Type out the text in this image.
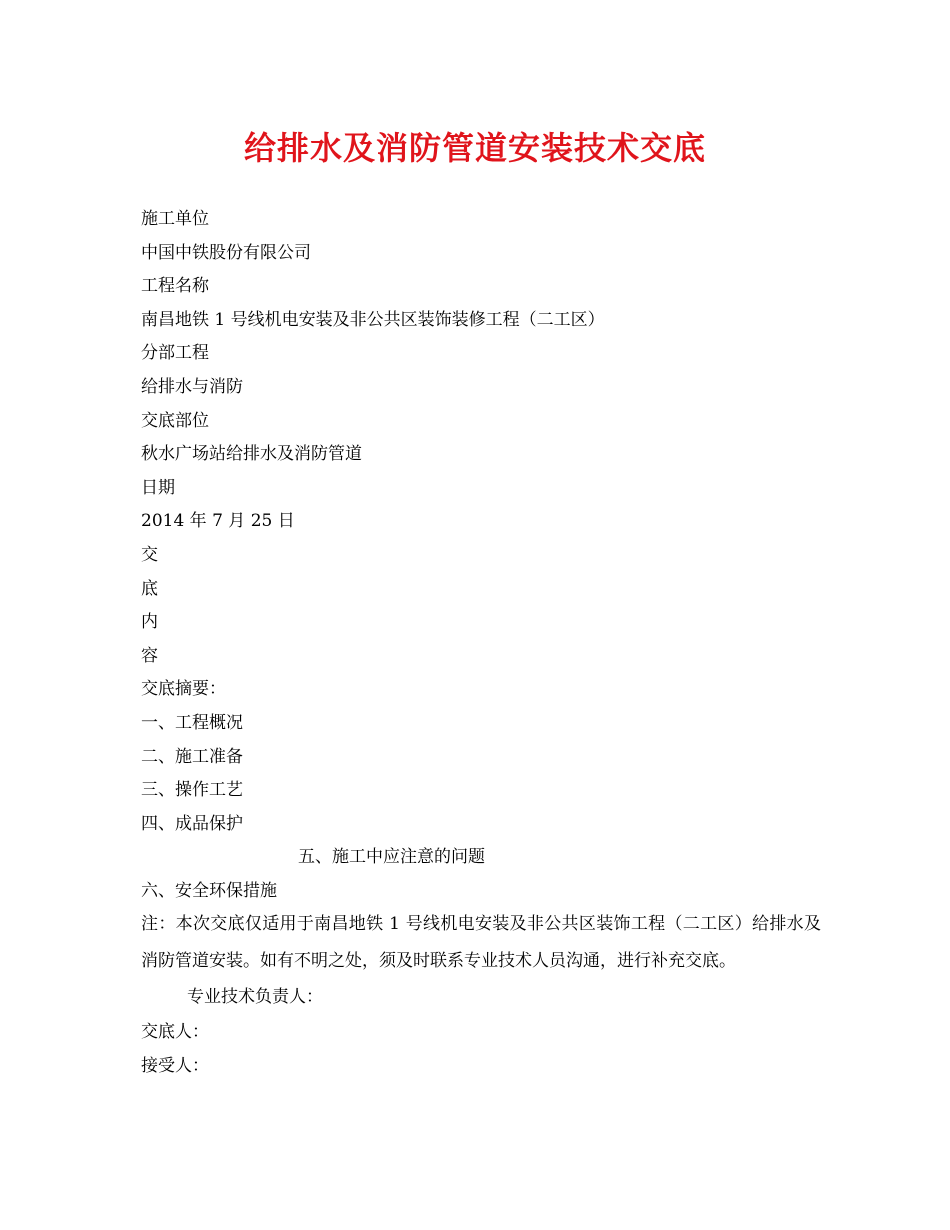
给排水及消防管道安装技术交底
施工单位
中国中铁股份有限公司
工程名称
南昌地铁 1 号线机电安装及非公共区装饰装修工程（二工区）
分部工程
给排水与消防
交底部位
秋水广场站给排水及消防管道
日期
2014 年 7 月 25 日
交
底
内
容
交底摘要：
一、工程概况
二、施工准备
三、操作工艺
四、成品保护
五、施工中应注意的问题
六、安全环保措施
注：本次交底仅适用于南昌地铁 1 号线机电安装及非公共区装饰工程（二工区）给排水及消防管道安装。如有不明之处，须及时联系专业技术人员沟通，进行补充交底。
专业技术负责人：
交底人：
接受人：
